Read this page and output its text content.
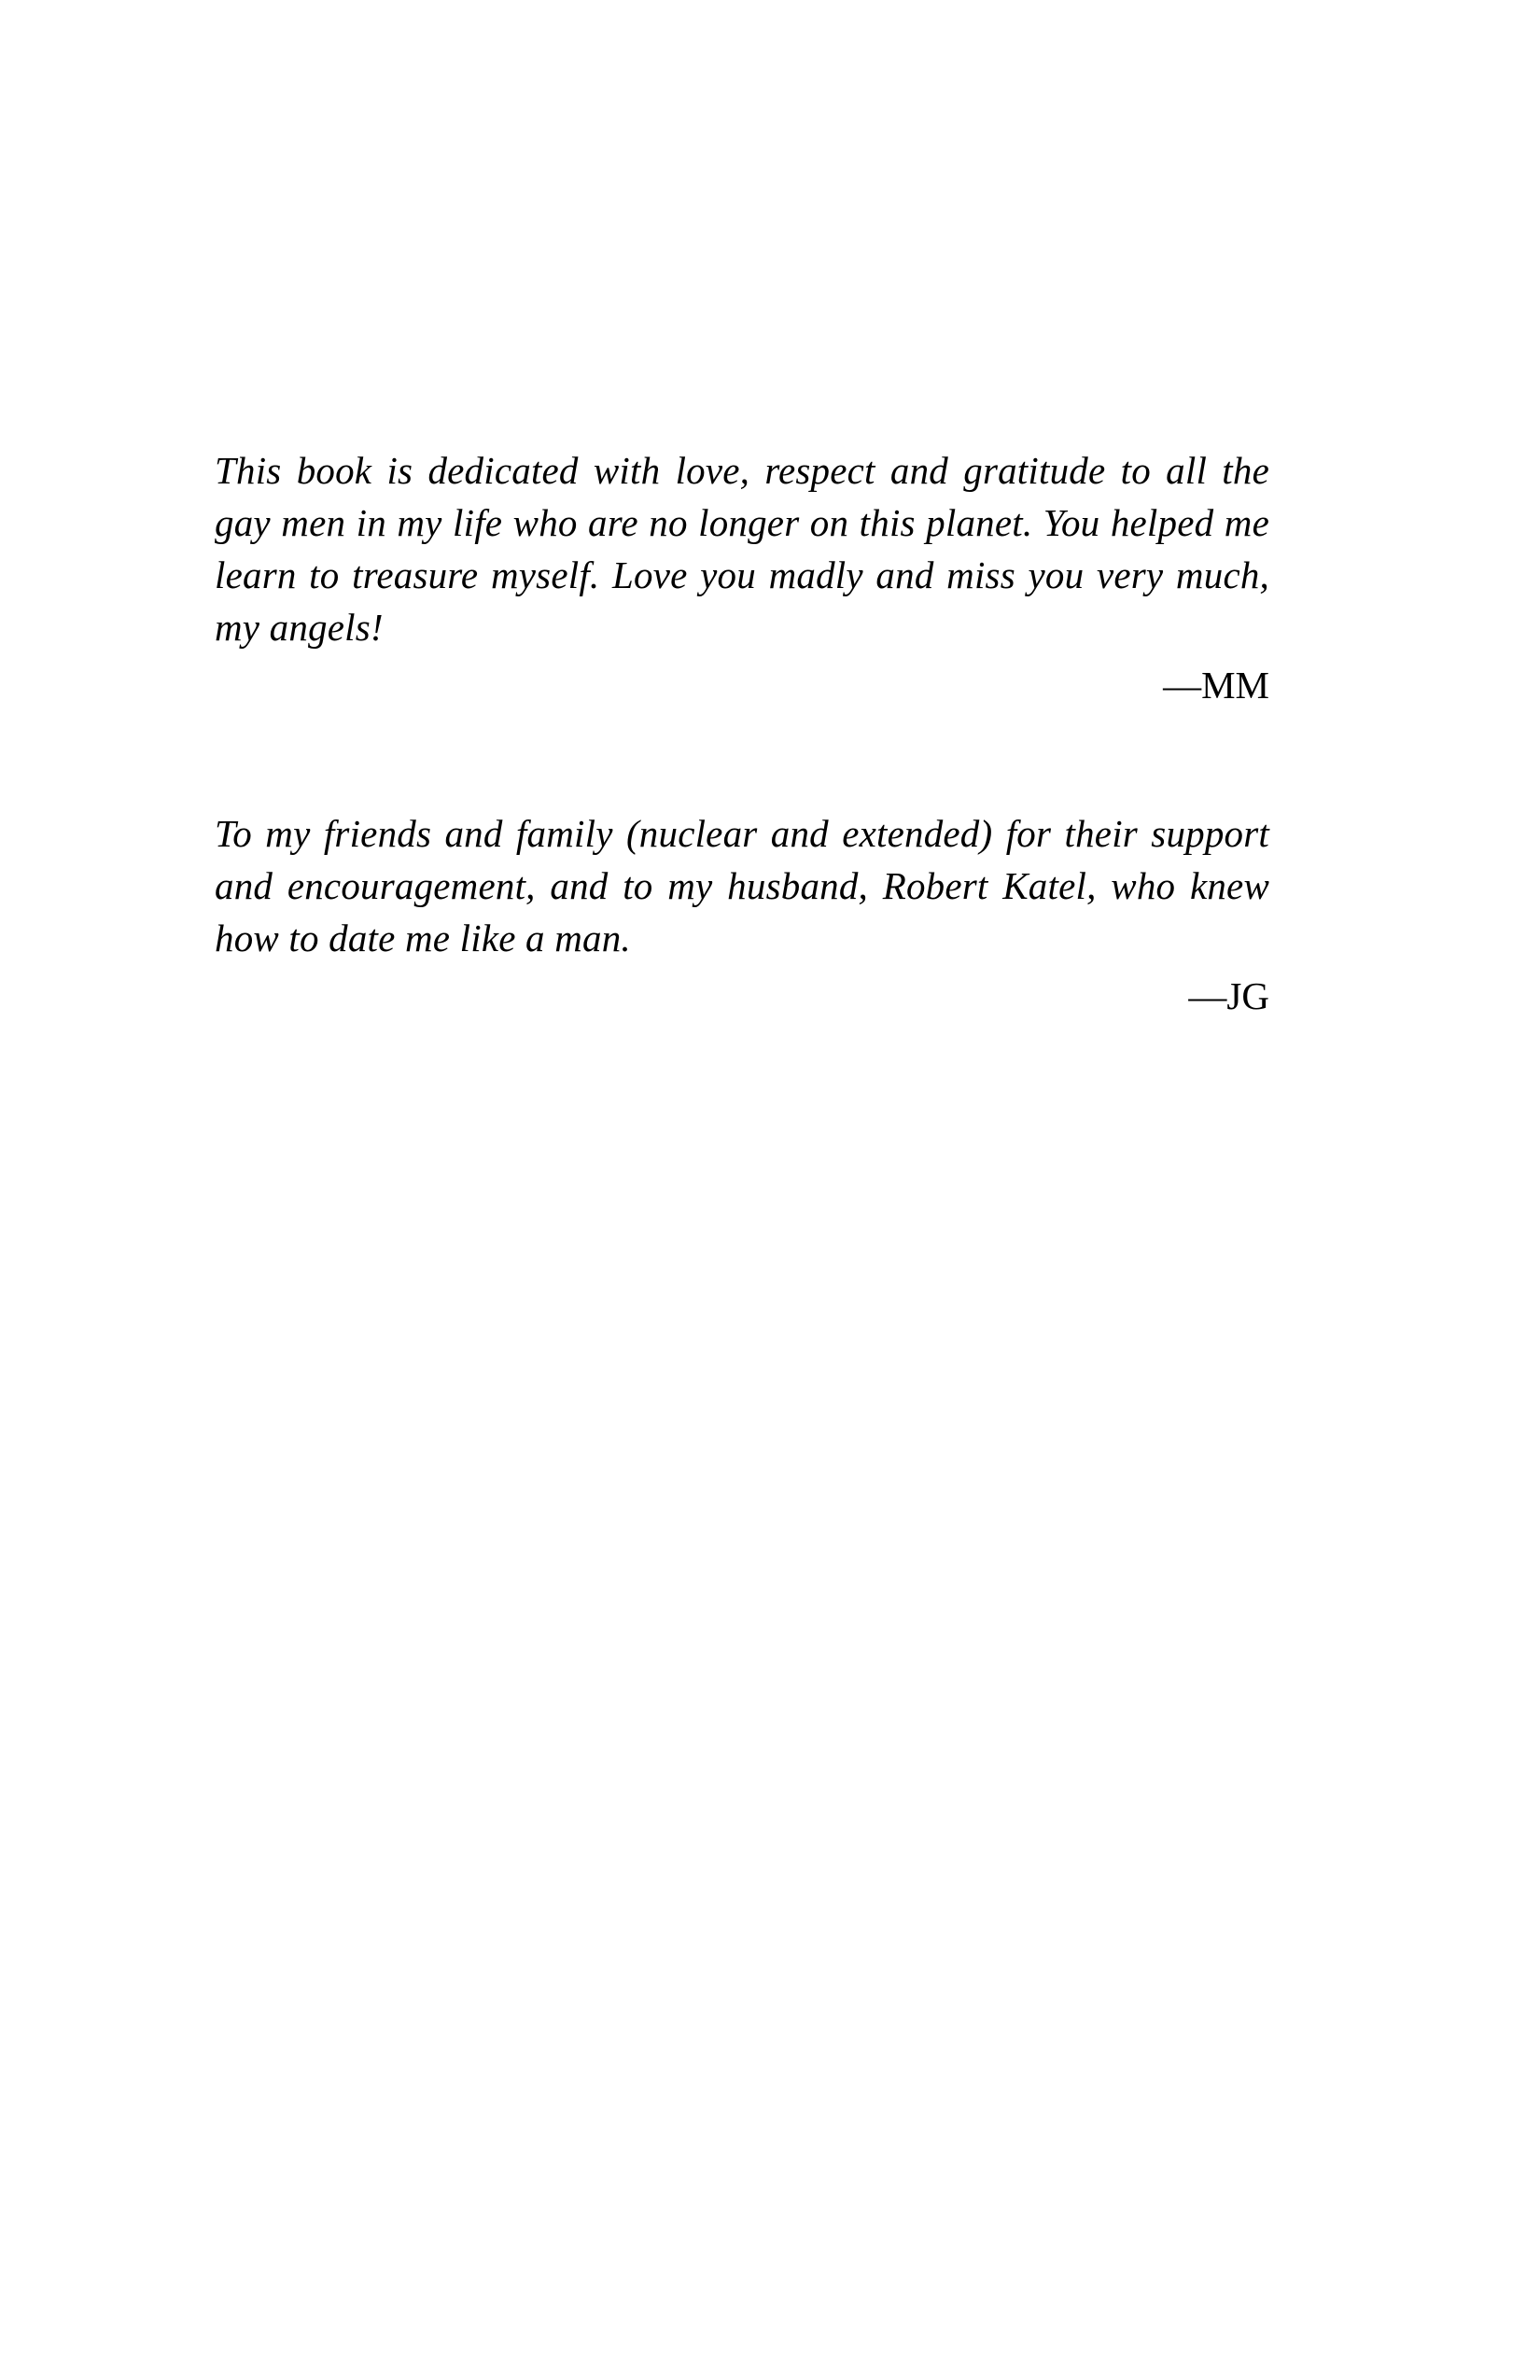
This book is dedicated with love, respect and gratitude to all the gay men in my life who are no longer on this planet. You helped me learn to treasure myself. Love you madly and miss you very much, my angels!

—MM

To my friends and family (nuclear and extended) for their support and encouragement, and to my husband, Robert Katel, who knew how to date me like a man.

—JG
